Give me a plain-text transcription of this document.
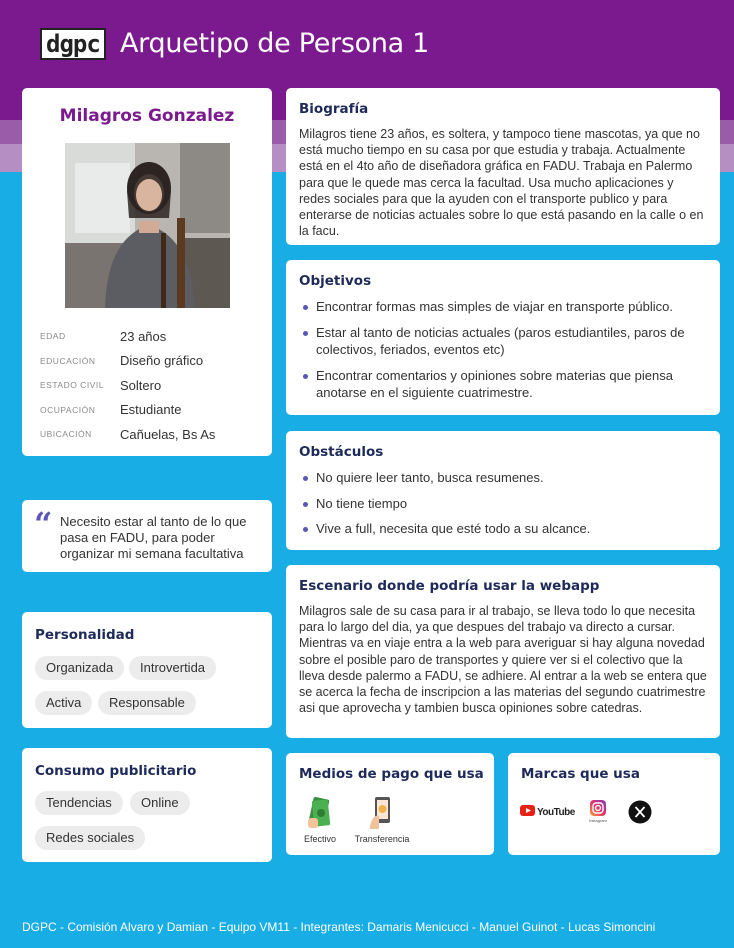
dgpc Arquetipo de Persona 1
Milagros Gonzalez
EDAD	23 años
EDUCACIÓN	Diseño gráfico
ESTADO CIVIL	Soltero
OCUPACIÓN	Estudiante
UBICACIÓN	Cañuelas, Bs As
“ Necesito estar al tanto de lo que pasa en FADU, para poder organizar mi semana facultativa
Personalidad
Organizada	Introvertida
Activa	Responsable
Consumo publicitario
Tendencias	Online
Redes sociales
Biografía
Milagros tiene 23 años, es soltera, y tampoco tiene mascotas, ya que no está mucho tiempo en su casa por que estudia y trabaja. Actualmente está en el 4to año de diseñadora gráfica en FADU. Trabaja en Palermo para que le quede mas cerca la facultad. Usa mucho aplicaciones y redes sociales para que la ayuden con el transporte publico y para enterarse de noticias actuales sobre lo que está pasando en la calle o en la facu.
Objetivos
Encontrar formas mas simples de viajar en transporte público.
Estar al tanto de noticias actuales (paros estudiantiles, paros de colectivos, feriados, eventos etc)
Encontrar comentarios y opiniones sobre materias que piensa anotarse en el siguiente cuatrimestre.
Obstáculos
No quiere leer tanto, busca resumenes.
No tiene tiempo
Vive a full, necesita que esté todo a su alcance.
Escenario donde podría usar la webapp
Milagros sale de su casa para ir al trabajo, se lleva todo lo que necesita para lo largo del dia, ya que despues del trabajo va directo a cursar. Mientras va en viaje entra a la web para averiguar si hay alguna novedad sobre el posible paro de transportes y quiere ver si el colectivo que la lleva desde palermo a FADU, se adhiere. Al entrar a la web se entera que se acerca la fecha de inscripcion a las materias del segundo cuatrimestre asi que aprovecha y tambien busca opiniones sobre catedras.
Medios de pago que usa
Efectivo	Transferencia
Marcas que usa
YouTube
Instagram
DGPC - Comisión Alvaro y Damian - Equipo VM11 - Integrantes: Damaris Menicucci - Manuel Guinot - Lucas Simoncini
